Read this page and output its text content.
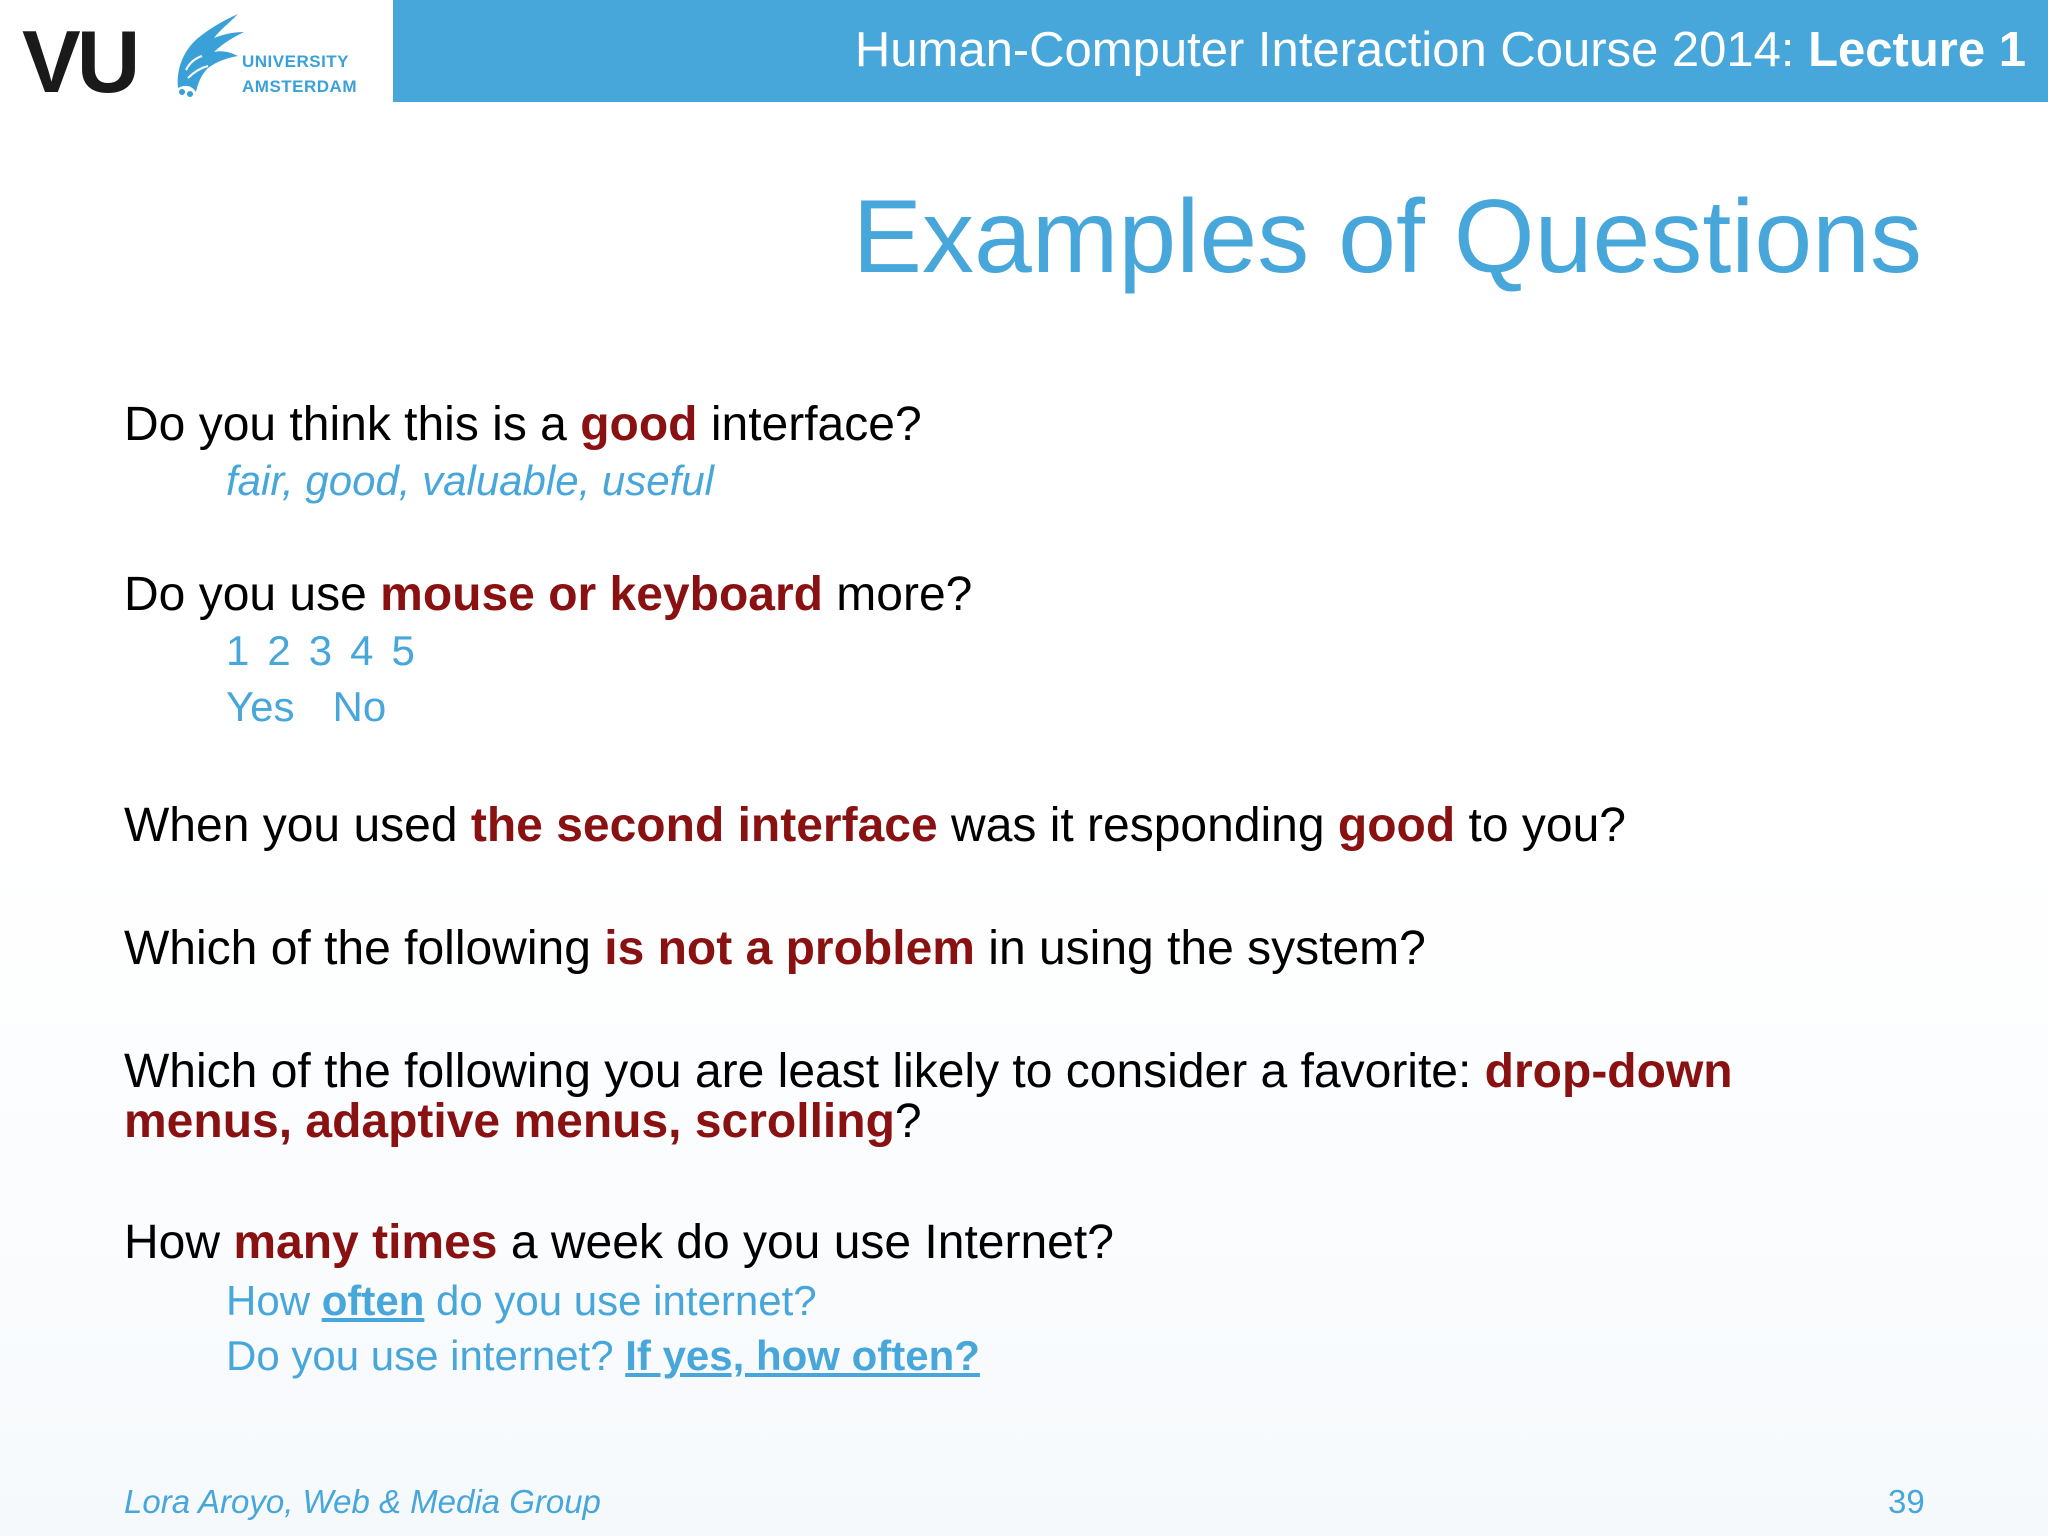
VU	UNIVERSITY
AMSTERDAM
Human-Computer Interaction Course 2014: Lecture 1
Examples of Questions
Do you think this is a good interface?
fair, good, valuable, useful
Do you use mouse or keyboard more?
1 2 3 4 5
Yes No
When you used the second interface was it responding good to you?
Which of the following is not a problem in using the system?
Which of the following you are least likely to consider a favorite: drop-down
menus, adaptive menus, scrolling?
How many times a week do you use Internet?
How often do you use internet?
Do you use internet? If yes, how often?
Lora Aroyo, Web & Media Group	39
